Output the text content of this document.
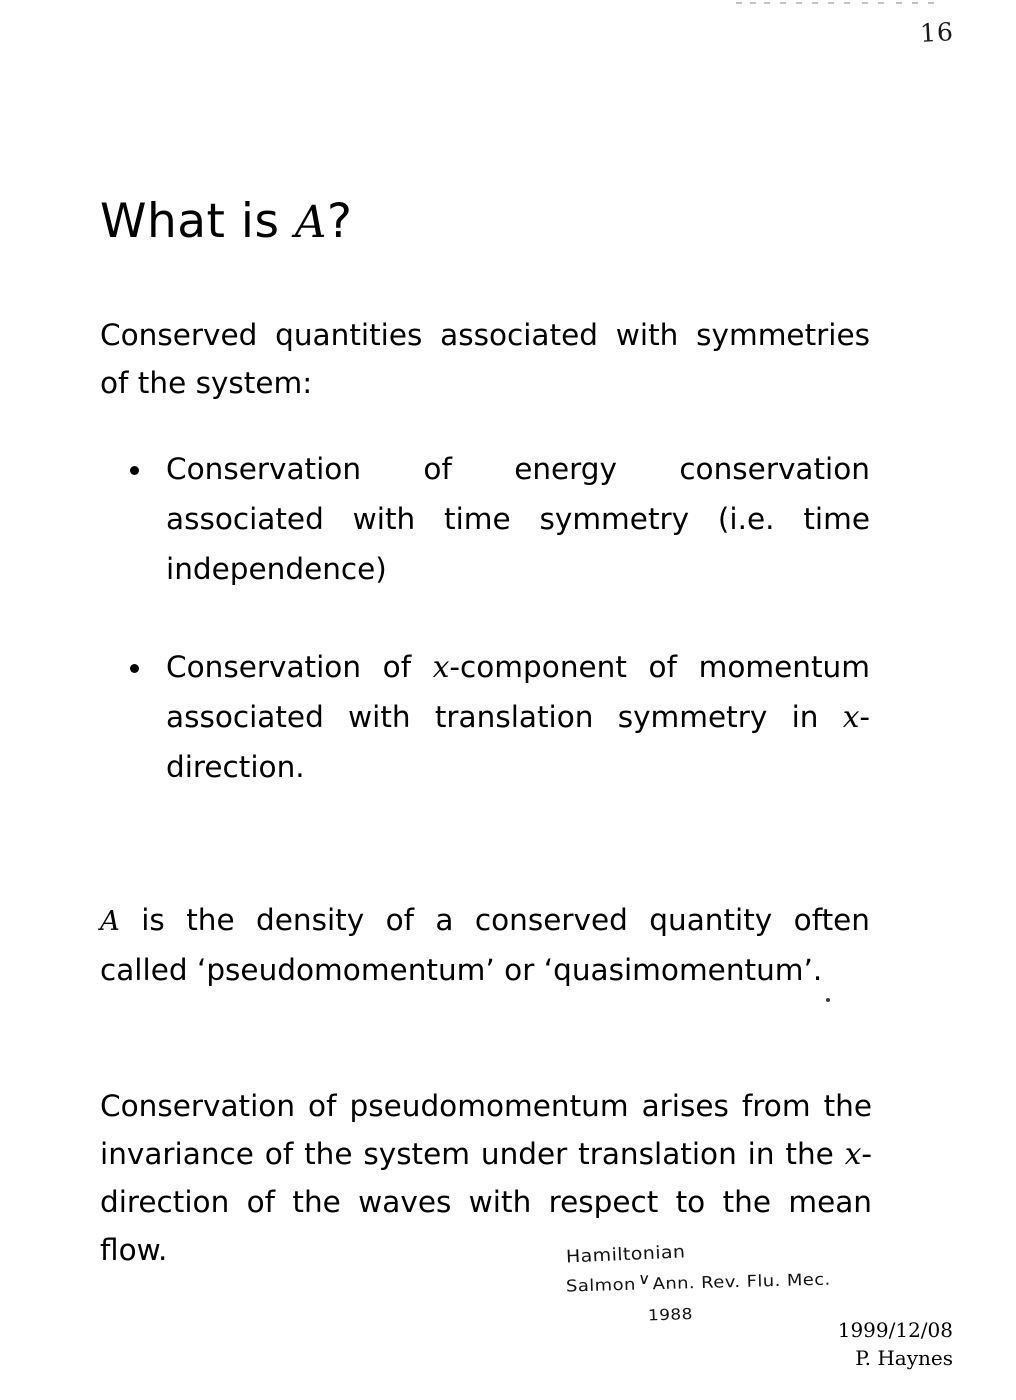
16
What is A?

Conserved quantities associated with symmetries of the system:

Conservation of energy conservation associated with time symmetry (i.e. time independence)
Conservation of x-component of momentum associated with translation symmetry in x-direction.

A is the density of a conserved quantity often called ‘pseudomomentum’ or ‘quasimomentum’.

Conservation of pseudomomentum arises from the invariance of the system under translation in the x-direction of the waves with respect to the mean flow.	Hamiltonian
Salmon∨Ann. Rev. Flu. Mec.
1988
1999/12/08
P. Haynes
